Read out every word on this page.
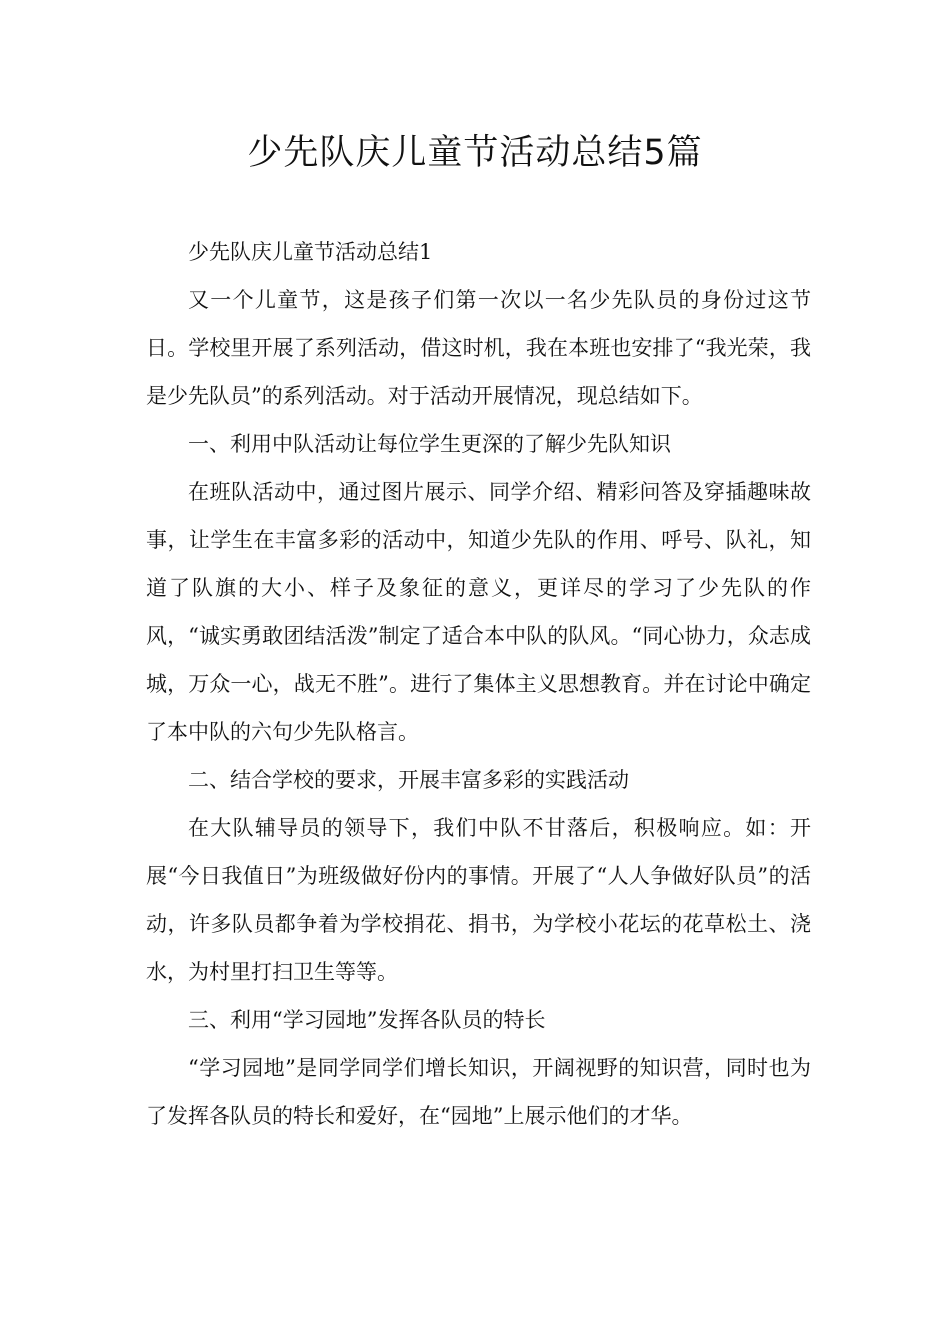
少先队庆儿童节活动总结5篇

少先队庆儿童节活动总结1

又一个儿童节，这是孩子们第一次以一名少先队员的身份过这节日。学校里开展了系列活动，借这时机，我在本班也安排了“我光荣，我是少先队员”的系列活动。对于活动开展情况，现总结如下。

一、利用中队活动让每位学生更深的了解少先队知识

在班队活动中，通过图片展示、同学介绍、精彩问答及穿插趣味故事，让学生在丰富多彩的活动中，知道少先队的作用、呼号、队礼，知道了队旗的大小、样子及象征的意义，更详尽的学习了少先队的作风，“诚实勇敢团结活泼”制定了适合本中队的队风。“同心协力，众志成城，万众一心，战无不胜”。进行了集体主义思想教育。并在讨论中确定了本中队的六句少先队格言。

二、结合学校的要求，开展丰富多彩的实践活动

在大队辅导员的领导下，我们中队不甘落后，积极响应。如：开展“今日我值日”为班级做好份内的事情。开展了“人人争做好队员”的活动，许多队员都争着为学校捐花、捐书，为学校小花坛的花草松土、浇水，为村里打扫卫生等等。

三、利用“学习园地”发挥各队员的特长

“学习园地”是同学同学们增长知识，开阔视野的知识营，同时也为了发挥各队员的特长和爱好，在“园地”上展示他们的才华。
